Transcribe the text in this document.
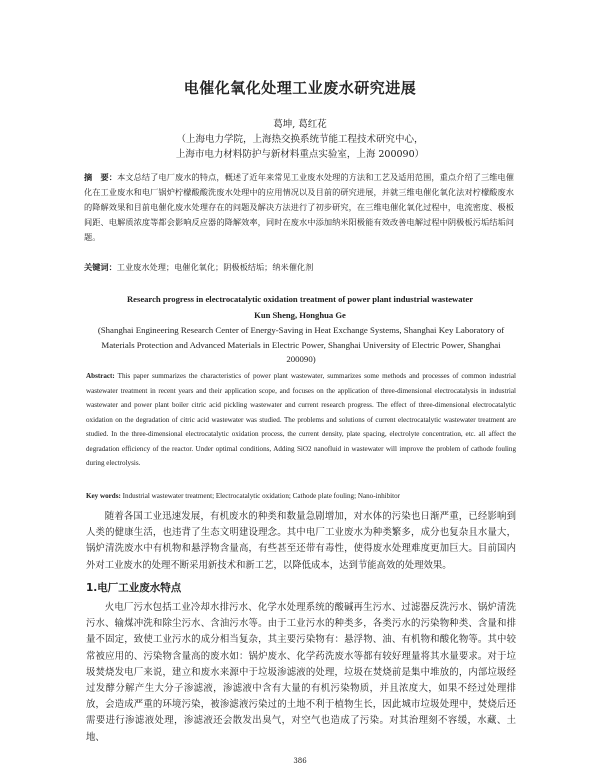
电催化氧化处理工业废水研究进展
葛坤, 葛红花
（上海电力学院，上海热交换系统节能工程技术研究中心，
上海市电力材料防护与新材料重点实验室，上海 200090）
摘　要：本文总结了电厂废水的特点，概述了近年来常见工业废水处理的方法和工艺及适用范围，重点介绍了三维电催化在工业废水和电厂锅炉柠檬酸酸洗废水处理中的应用情况以及目前的研究进展，并就三维电催化氧化法对柠檬酸废水的降解效果和目前电催化废水处理存在的问题及解决方法进行了初步研究，在三维电催化氧化过程中，电流密度、极板间距、电解质浓度等都会影响反应器的降解效率，同时在废水中添加纳米阳极能有效改善电解过程中阴极板污垢结垢问题。
关键词：工业废水处理；电催化氧化；阴极板结垢；纳米催化剂
Research progress in electrocatalytic oxidation treatment of power plant industrial wastewater
Kun Sheng, Honghua Ge
(Shanghai Engineering Research Center of Energy-Saving in Heat Exchange Systems, Shanghai Key Laboratory of Materials Protection and Advanced Materials in Electric Power, Shanghai University of Electric Power, Shanghai 200090)
Abstract: This paper summarizes the characteristics of power plant wastewater, summarizes some methods and processes of common industrial wastewater treatment in recent years and their application scope, and focuses on the application of three-dimensional electrocatalysis in industrial wastewater and power plant boiler citric acid pickling wastewater and current research progress. The effect of three-dimensional electrocatalytic oxidation on the degradation of citric acid wastewater was studied. The problems and solutions of current electrocatalytic wastewater treatment are studied. In the three-dimensional electrocatalytic oxidation process, the current density, plate spacing, electrolyte concentration, etc. all affect the degradation efficiency of the reactor. Under optimal conditions, Adding SiO2 nanofluid in wastewater will improve the problem of cathode fouling during electrolysis.
Key words: Industrial wastewater treatment; Electrocatalytic oxidation; Cathode plate fouling; Nano-inhibitor

随着各国工业迅速发展，有机废水的种类和数量急剧增加，对水体的污染也日渐严重，已经影响到人类的健康生活，也违背了生态文明建设理念。其中电厂工业废水为种类繁多，成分也复杂且水量大，锅炉清洗废水中有机物和悬浮物含量高，有些甚至还带有毒性，使得废水处理难度更加巨大。目前国内外对工业废水的处理不断采用新技术和新工艺，以降低成本，达到节能高效的处理效果。

1.电厂工业废水特点

火电厂污水包括工业冷却水排污水、化学水处理系统的酸碱再生污水、过滤器反洗污水、锅炉清洗污水、输煤冲洗和除尘污水、含油污水等。由于工业污水的种类多，各类污水的污染物种类、含量和排量不固定，致使工业污水的成分相当复杂，其主要污染物有：悬浮物、油、有机物和酸化物等。其中较常被应用的、污染物含量高的废水如：锅炉废水、化学药洗废水等都有较好理量将其水量要求。对于垃圾焚烧发电厂来说，建立和废水来源中于垃圾渗滤液的处理，垃圾在焚烧前是集中堆放的，内部垃圾经过发酵分解产生大分子渗滤液，渗滤液中含有大量的有机污染物质，并且浓度大，如果不经过处理排放，会造成严重的环境污染，被渗滤液污染过的土地不利于植物生长，因此城市垃圾处理中，焚烧后还需要进行渗滤液处理，渗滤液还会散发出臭气，对空气也造成了污染。对其治理刻不容缓，水藏、土地、

386
